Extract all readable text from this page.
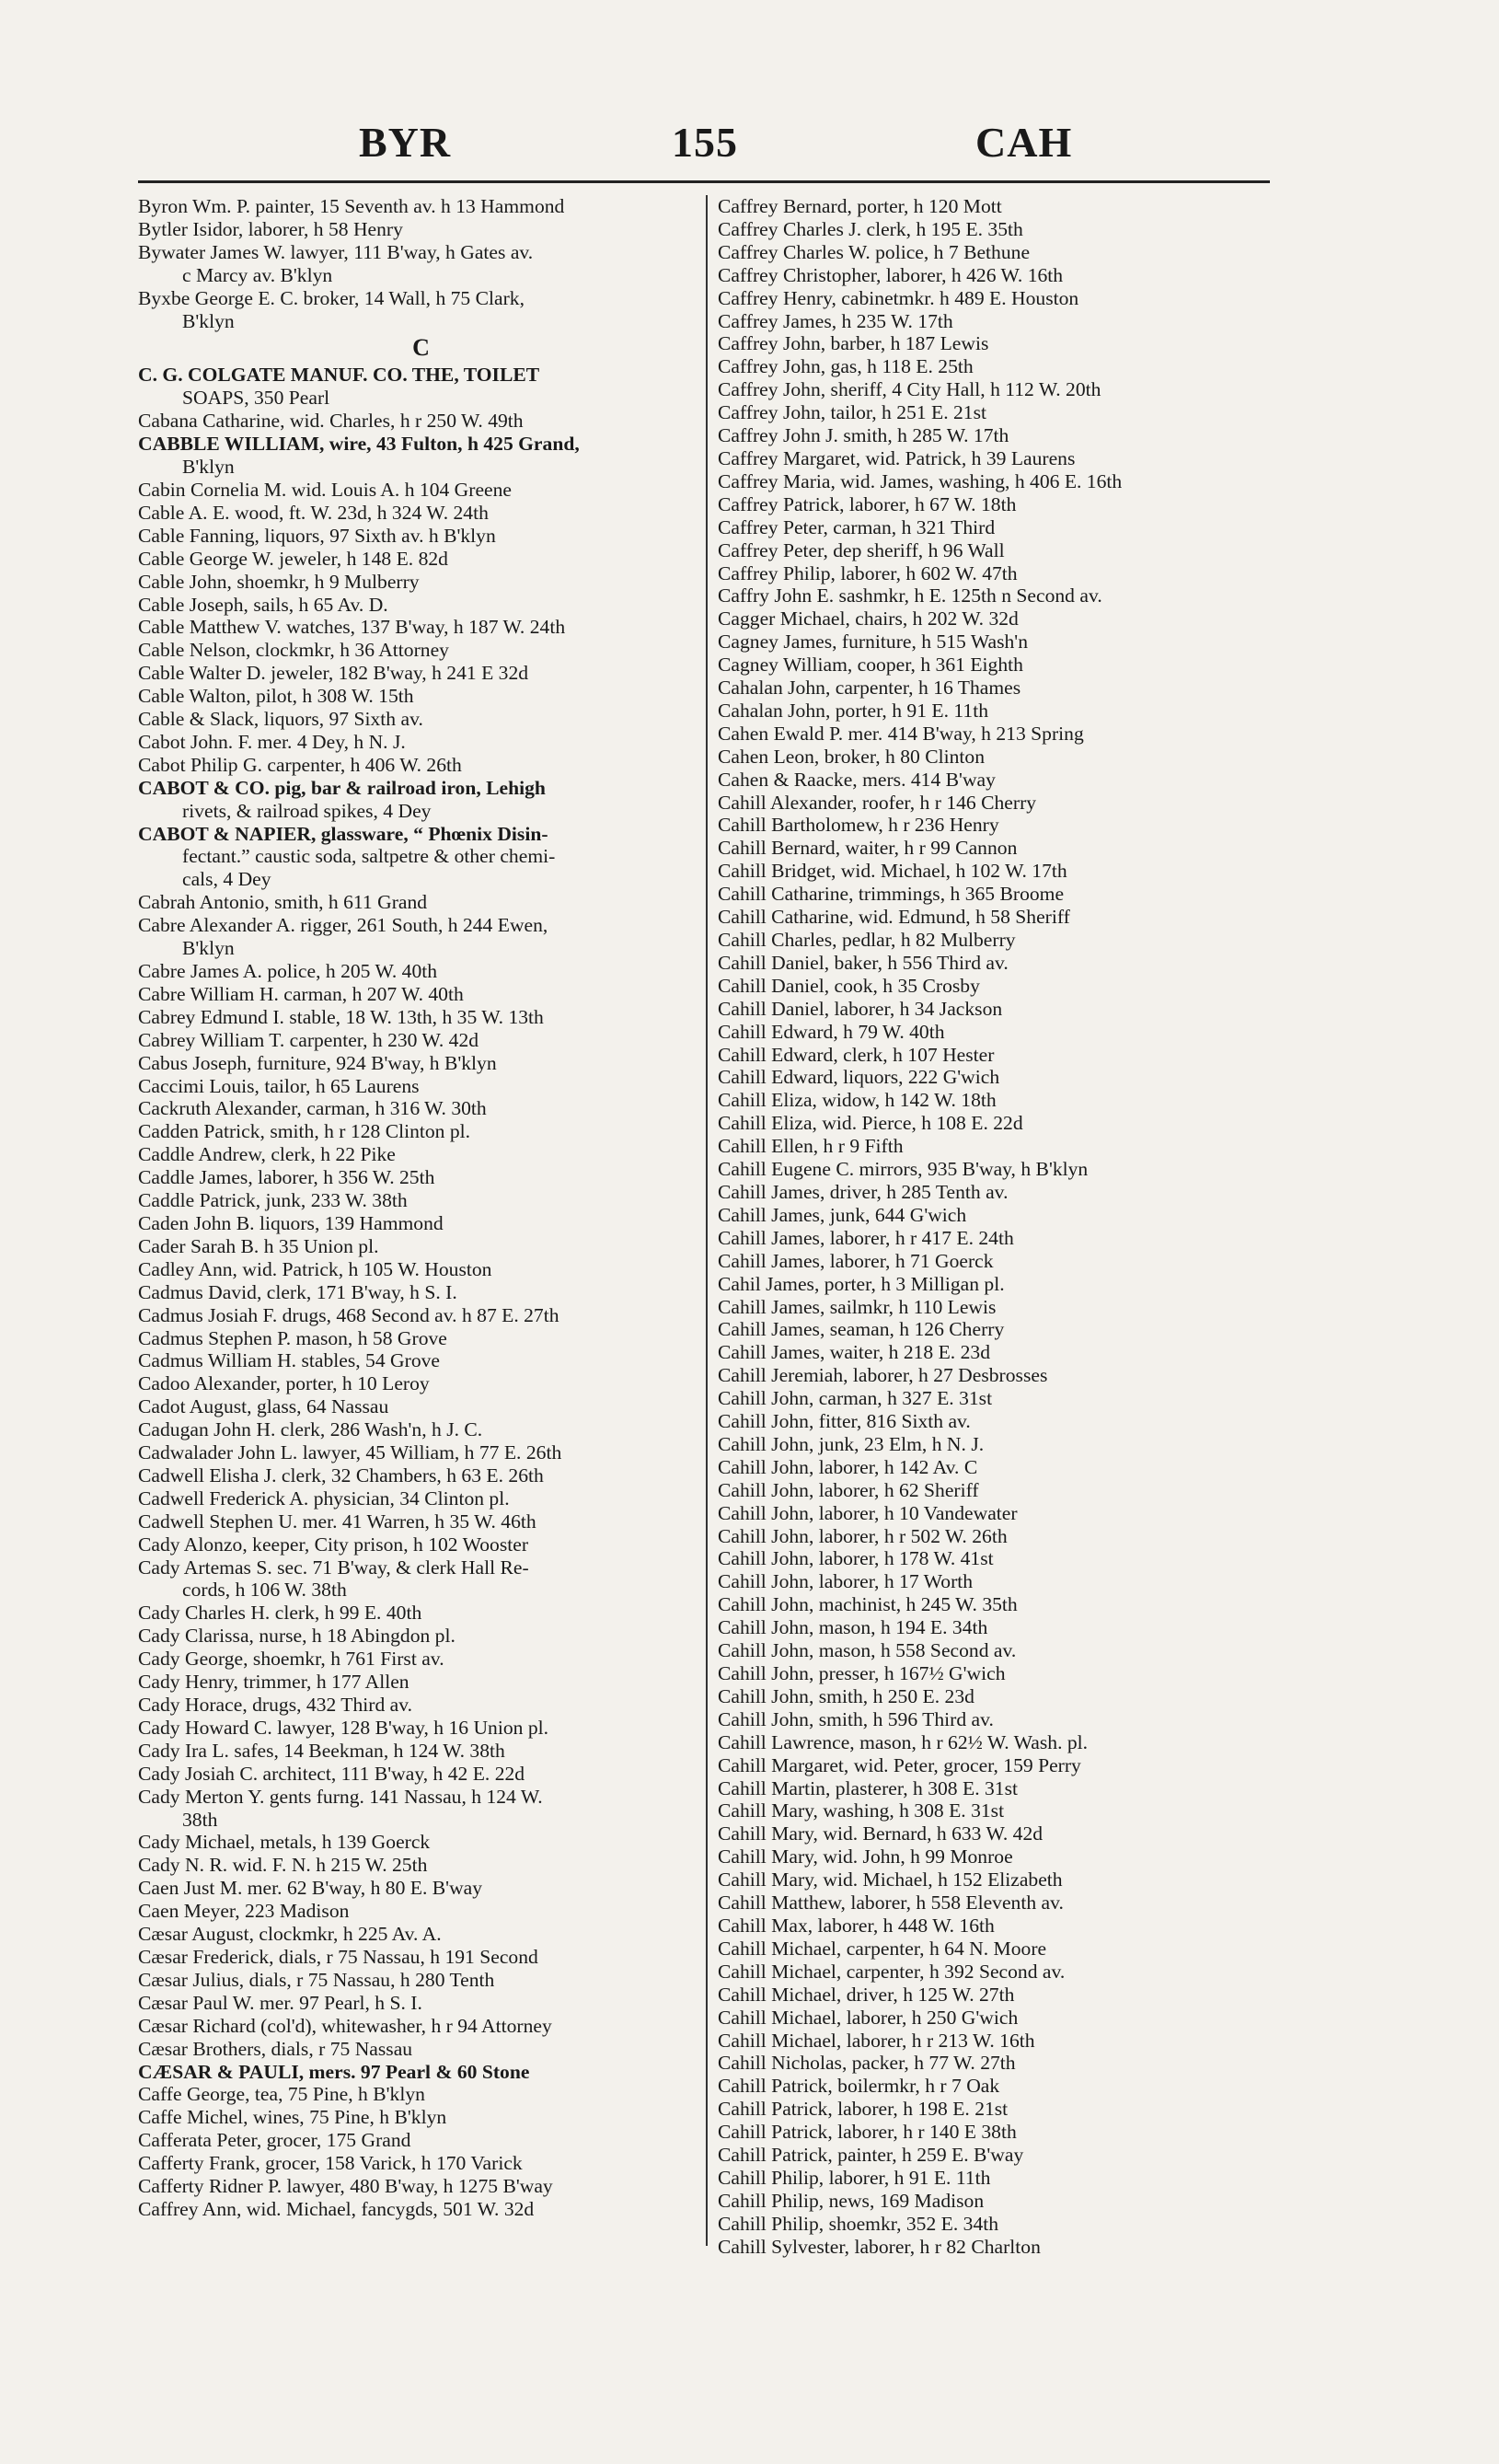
BYR	155	CAH
Byron Wm. P. painter, 15 Seventh av. h 13 Hammond
Bytler Isidor, laborer, h 58 Henry
Bywater James W. lawyer, 111 B'way, h Gates av.
c Marcy av. B'klyn
Byxbe George E. C. broker, 14 Wall, h 75 Clark,
B'klyn
C
C. G. COLGATE MANUF. CO. THE, TOILET
SOAPS, 350 Pearl
Cabana Catharine, wid. Charles, h r 250 W. 49th
CABBLE WILLIAM, wire, 43 Fulton, h 425 Grand,
B'klyn
Cabin Cornelia M. wid. Louis A. h 104 Greene
Cable A. E. wood, ft. W. 23d, h 324 W. 24th
Cable Fanning, liquors, 97 Sixth av. h B'klyn
Cable George W. jeweler, h 148 E. 82d
Cable John, shoemkr, h 9 Mulberry
Cable Joseph, sails, h 65 Av. D.
Cable Matthew V. watches, 137 B'way, h 187 W. 24th
Cable Nelson, clockmkr, h 36 Attorney
Cable Walter D. jeweler, 182 B'way, h 241 E 32d
Cable Walton, pilot, h 308 W. 15th
Cable & Slack, liquors, 97 Sixth av.
Cabot John. F. mer. 4 Dey, h N. J.
Cabot Philip G. carpenter, h 406 W. 26th
CABOT & CO. pig, bar & railroad iron, Lehigh
rivets, & railroad spikes, 4 Dey
CABOT & NAPIER, glassware, “ Phœnix Disin-
fectant.” caustic soda, saltpetre & other chemi-
cals, 4 Dey
Cabrah Antonio, smith, h 611 Grand
Cabre Alexander A. rigger, 261 South, h 244 Ewen,
B'klyn
Cabre James A. police, h 205 W. 40th
Cabre William H. carman, h 207 W. 40th
Cabrey Edmund I. stable, 18 W. 13th, h 35 W. 13th
Cabrey William T. carpenter, h 230 W. 42d
Cabus Joseph, furniture, 924 B'way, h B'klyn
Caccimi Louis, tailor, h 65 Laurens
Cackruth Alexander, carman, h 316 W. 30th
Cadden Patrick, smith, h r 128 Clinton pl.
Caddle Andrew, clerk, h 22 Pike
Caddle James, laborer, h 356 W. 25th
Caddle Patrick, junk, 233 W. 38th
Caden John B. liquors, 139 Hammond
Cader Sarah B. h 35 Union pl.
Cadley Ann, wid. Patrick, h 105 W. Houston
Cadmus David, clerk, 171 B'way, h S. I.
Cadmus Josiah F. drugs, 468 Second av. h 87 E. 27th
Cadmus Stephen P. mason, h 58 Grove
Cadmus William H. stables, 54 Grove
Cadoo Alexander, porter, h 10 Leroy
Cadot August, glass, 64 Nassau
Cadugan John H. clerk, 286 Wash'n, h J. C.
Cadwalader John L. lawyer, 45 William, h 77 E. 26th
Cadwell Elisha J. clerk, 32 Chambers, h 63 E. 26th
Cadwell Frederick A. physician, 34 Clinton pl.
Cadwell Stephen U. mer. 41 Warren, h 35 W. 46th
Cady Alonzo, keeper, City prison, h 102 Wooster
Cady Artemas S. sec. 71 B'way, & clerk Hall Re-
cords, h 106 W. 38th
Cady Charles H. clerk, h 99 E. 40th
Cady Clarissa, nurse, h 18 Abingdon pl.
Cady George, shoemkr, h 761 First av.
Cady Henry, trimmer, h 177 Allen
Cady Horace, drugs, 432 Third av.
Cady Howard C. lawyer, 128 B'way, h 16 Union pl.
Cady Ira L. safes, 14 Beekman, h 124 W. 38th
Cady Josiah C. architect, 111 B'way, h 42 E. 22d
Cady Merton Y. gents furng. 141 Nassau, h 124 W.
38th
Cady Michael, metals, h 139 Goerck
Cady N. R. wid. F. N. h 215 W. 25th
Caen Just M. mer. 62 B'way, h 80 E. B'way
Caen Meyer, 223 Madison
Cæsar August, clockmkr, h 225 Av. A.
Cæsar Frederick, dials, r 75 Nassau, h 191 Second
Cæsar Julius, dials, r 75 Nassau, h 280 Tenth
Cæsar Paul W. mer. 97 Pearl, h S. I.
Cæsar Richard (col'd), whitewasher, h r 94 Attorney
Cæsar Brothers, dials, r 75 Nassau
CÆSAR & PAULI, mers. 97 Pearl & 60 Stone
Caffe George, tea, 75 Pine, h B'klyn
Caffe Michel, wines, 75 Pine, h B'klyn
Cafferata Peter, grocer, 175 Grand
Cafferty Frank, grocer, 158 Varick, h 170 Varick
Cafferty Ridner P. lawyer, 480 B'way, h 1275 B'way
Caffrey Ann, wid. Michael, fancygds, 501 W. 32d
Caffrey Bernard, porter, h 120 Mott
Caffrey Charles J. clerk, h 195 E. 35th
Caffrey Charles W. police, h 7 Bethune
Caffrey Christopher, laborer, h 426 W. 16th
Caffrey Henry, cabinetmkr. h 489 E. Houston
Caffrey James, h 235 W. 17th
Caffrey John, barber, h 187 Lewis
Caffrey John, gas, h 118 E. 25th
Caffrey John, sheriff, 4 City Hall, h 112 W. 20th
Caffrey John, tailor, h 251 E. 21st
Caffrey John J. smith, h 285 W. 17th
Caffrey Margaret, wid. Patrick, h 39 Laurens
Caffrey Maria, wid. James, washing, h 406 E. 16th
Caffrey Patrick, laborer, h 67 W. 18th
Caffrey Peter, carman, h 321 Third
Caffrey Peter, dep sheriff, h 96 Wall
Caffrey Philip, laborer, h 602 W. 47th
Caffry John E. sashmkr, h E. 125th n Second av.
Cagger Michael, chairs, h 202 W. 32d
Cagney James, furniture, h 515 Wash'n
Cagney William, cooper, h 361 Eighth
Cahalan John, carpenter, h 16 Thames
Cahalan John, porter, h 91 E. 11th
Cahen Ewald P. mer. 414 B'way, h 213 Spring
Cahen Leon, broker, h 80 Clinton
Cahen & Raacke, mers. 414 B'way
Cahill Alexander, roofer, h r 146 Cherry
Cahill Bartholomew, h r 236 Henry
Cahill Bernard, waiter, h r 99 Cannon
Cahill Bridget, wid. Michael, h 102 W. 17th
Cahill Catharine, trimmings, h 365 Broome
Cahill Catharine, wid. Edmund, h 58 Sheriff
Cahill Charles, pedlar, h 82 Mulberry
Cahill Daniel, baker, h 556 Third av.
Cahill Daniel, cook, h 35 Crosby
Cahill Daniel, laborer, h 34 Jackson
Cahill Edward, h 79 W. 40th
Cahill Edward, clerk, h 107 Hester
Cahill Edward, liquors, 222 G'wich
Cahill Eliza, widow, h 142 W. 18th
Cahill Eliza, wid. Pierce, h 108 E. 22d
Cahill Ellen, h r 9 Fifth
Cahill Eugene C. mirrors, 935 B'way, h B'klyn
Cahill James, driver, h 285 Tenth av.
Cahill James, junk, 644 G'wich
Cahill James, laborer, h r 417 E. 24th
Cahill James, laborer, h 71 Goerck
Cahil James, porter, h 3 Milligan pl.
Cahill James, sailmkr, h 110 Lewis
Cahill James, seaman, h 126 Cherry
Cahill James, waiter, h 218 E. 23d
Cahill Jeremiah, laborer, h 27 Desbrosses
Cahill John, carman, h 327 E. 31st
Cahill John, fitter, 816 Sixth av.
Cahill John, junk, 23 Elm, h N. J.
Cahill John, laborer, h 142 Av. C
Cahill John, laborer, h 62 Sheriff
Cahill John, laborer, h 10 Vandewater
Cahill John, laborer, h r 502 W. 26th
Cahill John, laborer, h 178 W. 41st
Cahill John, laborer, h 17 Worth
Cahill John, machinist, h 245 W. 35th
Cahill John, mason, h 194 E. 34th
Cahill John, mason, h 558 Second av.
Cahill John, presser, h 167½ G'wich
Cahill John, smith, h 250 E. 23d
Cahill John, smith, h 596 Third av.
Cahill Lawrence, mason, h r 62½ W. Wash. pl.
Cahill Margaret, wid. Peter, grocer, 159 Perry
Cahill Martin, plasterer, h 308 E. 31st
Cahill Mary, washing, h 308 E. 31st
Cahill Mary, wid. Bernard, h 633 W. 42d
Cahill Mary, wid. John, h 99 Monroe
Cahill Mary, wid. Michael, h 152 Elizabeth
Cahill Matthew, laborer, h 558 Eleventh av.
Cahill Max, laborer, h 448 W. 16th
Cahill Michael, carpenter, h 64 N. Moore
Cahill Michael, carpenter, h 392 Second av.
Cahill Michael, driver, h 125 W. 27th
Cahill Michael, laborer, h 250 G'wich
Cahill Michael, laborer, h r 213 W. 16th
Cahill Nicholas, packer, h 77 W. 27th
Cahill Patrick, boilermkr, h r 7 Oak
Cahill Patrick, laborer, h 198 E. 21st
Cahill Patrick, laborer, h r 140 E 38th
Cahill Patrick, painter, h 259 E. B'way
Cahill Philip, laborer, h 91 E. 11th
Cahill Philip, news, 169 Madison
Cahill Philip, shoemkr, 352 E. 34th
Cahill Sylvester, laborer, h r 82 Charlton
